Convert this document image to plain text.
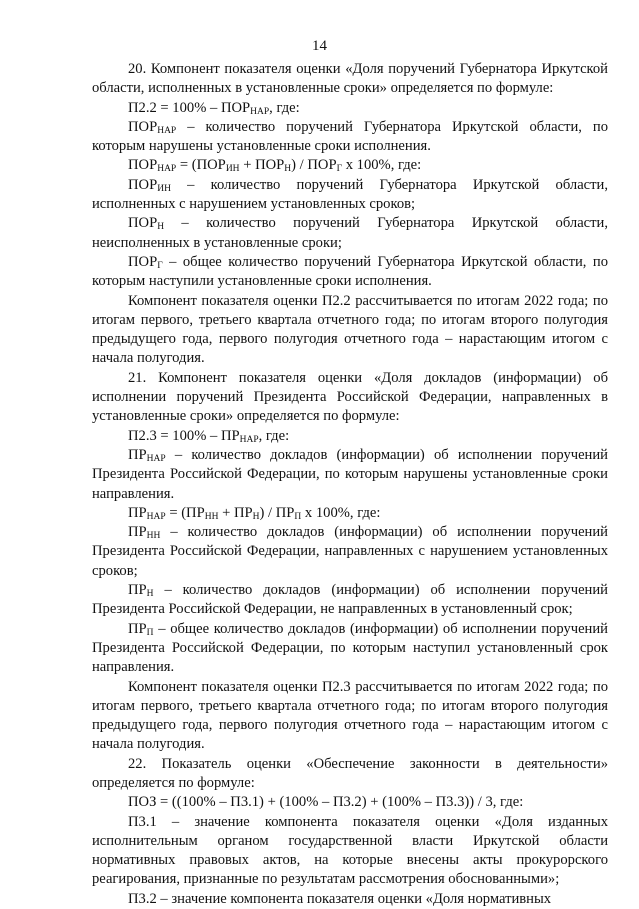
14

20. Компонент показателя оценки «Доля поручений Губернатора Иркутской области, исполненных в установленные сроки» определяется по формуле:

$П2.2 = 100\% - ПОР_{НАР}$, где:

$ПОР_{НАР}$ – количество поручений Губернатора Иркутской области, по которым нарушены установленные сроки исполнения.

$ПОР_{НАР} = (ПОР_{ИН} + ПОР_Н) / ПОР_Г$ x 100%, где:

$ПОР_{ИН}$ – количество поручений Губернатора Иркутской области, исполненных с нарушением установленных сроков;

$ПОР_Н$ – количество поручений Губернатора Иркутской области, неисполненных в установленные сроки;

$ПОР_Г$ – общее количество поручений Губернатора Иркутской области, по которым наступили установленные сроки исполнения.

Компонент показателя оценки П2.2 рассчитывается по итогам 2022 года; по итогам первого, третьего квартала отчетного года; по итогам второго полугодия предыдущего года, первого полугодия отчетного года – нарастающим итогом с начала полугодия.

21. Компонент показателя оценки «Доля докладов (информации) об исполнении поручений Президента Российской Федерации, направленных в установленные сроки» определяется по формуле:

$П2.3 = 100\% - ПР_{НАР}$, где:

$ПР_{НАР}$ – количество докладов (информации) об исполнении поручений Президента Российской Федерации, по которым нарушены установленные сроки направления.

$ПР_{НАР} = (ПР_{НН} + ПР_Н) / ПР_П$ x 100%, где:

$ПР_{НН}$ – количество докладов (информации) об исполнении поручений Президента Российской Федерации, направленных с нарушением установленных сроков;

$ПР_Н$ – количество докладов (информации) об исполнении поручений Президента Российской Федерации, не направленных в установленный срок;

$ПР_П$ – общее количество докладов (информации) об исполнении поручений Президента Российской Федерации, по которым наступил установленный срок направления.

Компонент показателя оценки П2.3 рассчитывается по итогам 2022 года; по итогам первого, третьего квартала отчетного года; по итогам второго полугодия предыдущего года, первого полугодия отчетного года – нарастающим итогом с начала полугодия.

22. Показатель оценки «Обеспечение законности в деятельности» определяется по формуле:

ПОЗ = ((100% – П3.1) + (100% – П3.2) + (100% – П3.3)) / 3, где:

П3.1 – значение компонента показателя оценки «Доля изданных исполнительным органом государственной власти Иркутской области нормативных правовых актов, на которые внесены акты прокурорского реагирования, признанные по результатам рассмотрения обоснованными»;

П3.2 – значение компонента показателя оценки «Доля нормативных
